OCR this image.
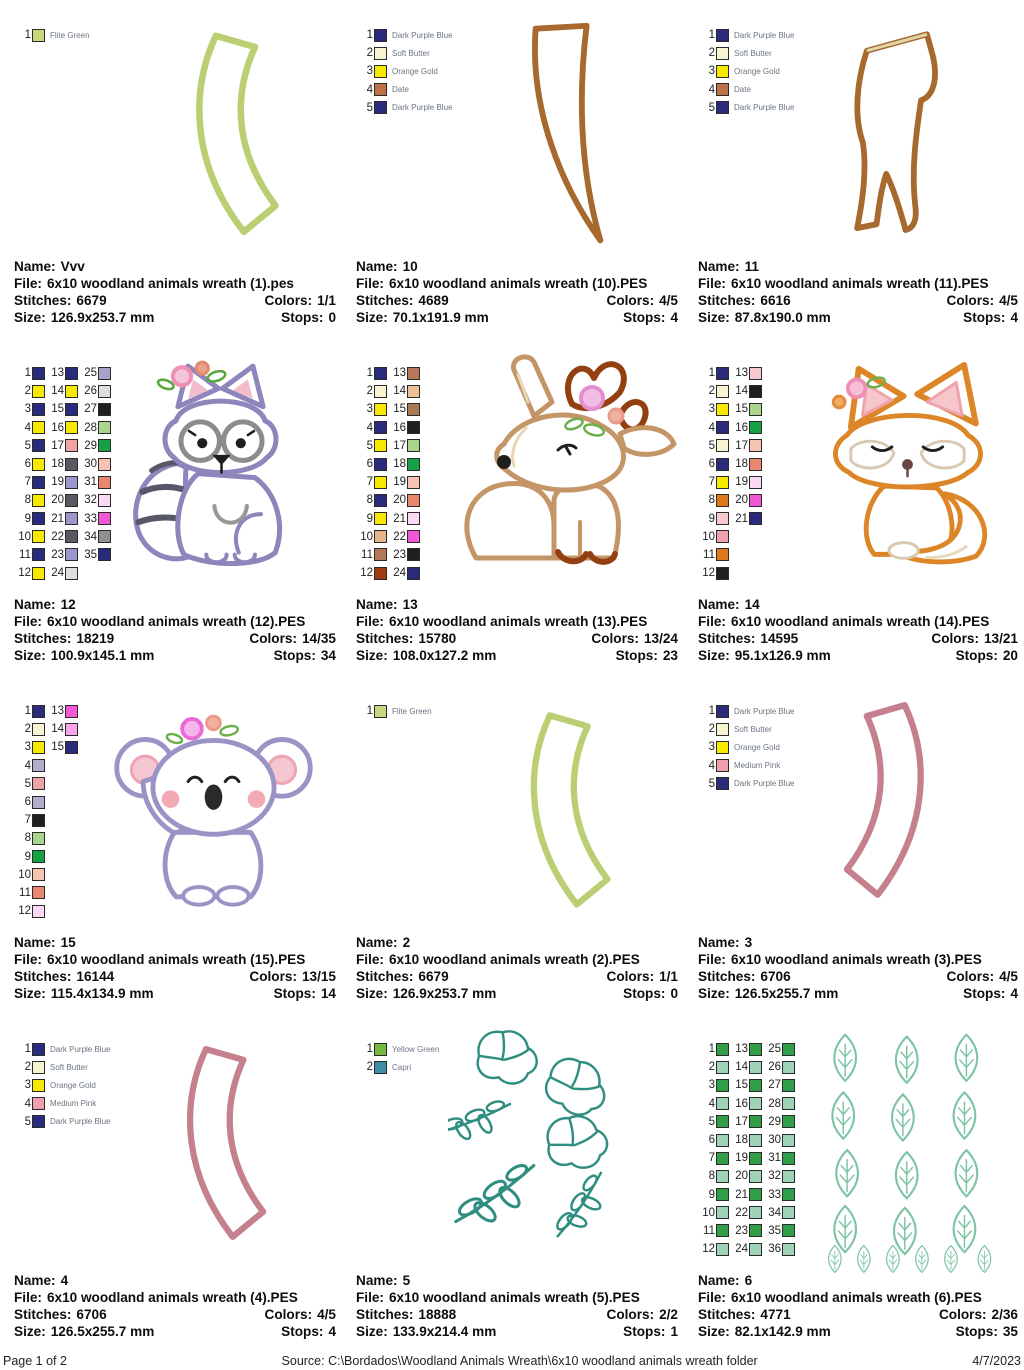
1 Flite Green
Name: Vvv
File: 6x10 woodland animals wreath (1).pes
Stitches: 6679	Colors: 1/1
Size: 126.9x253.7 mm	Stops: 0
1 Dark Purple Blue
2 Soft Butter
3 Orange Gold
4 Date
5 Dark Purple Blue
Name: 10
File: 6x10 woodland animals wreath (10).PES
Stitches: 4689	Colors: 4/5
Size: 70.1x191.9 mm	Stops: 4
1 Dark Purple Blue
2 Soft Butter
3 Orange Gold
4 Date
5 Dark Purple Blue
Name: 11
File: 6x10 woodland animals wreath (11).PES
Stitches: 6616	Colors: 4/5
Size: 87.8x190.0 mm	Stops: 4
1
2
3
4
5
6
7
8
9
10
11
12
13
14
15
16
17
18
19
20
21
22
23
24
25
26
27
28
29
30
31
32
33
34
35
Name: 12
File: 6x10 woodland animals wreath (12).PES
Stitches: 18219	Colors: 14/35
Size: 100.9x145.1 mm	Stops: 34
1
2
3
4
5
6
7
8
9
10
11
12
13
14
15
16
17
18
19
20
21
22
23
24
Name: 13
File: 6x10 woodland animals wreath (13).PES
Stitches: 15780	Colors: 13/24
Size: 108.0x127.2 mm	Stops: 23
1
2
3
4
5
6
7
8
9
10
11
12
13
14
15
16
17
18
19
20
21
Name: 14
File: 6x10 woodland animals wreath (14).PES
Stitches: 14595	Colors: 13/21
Size: 95.1x126.9 mm	Stops: 20
1
2
3
4
5
6
7
8
9
10
11
12
13
14
15
Name: 15
File: 6x10 woodland animals wreath (15).PES
Stitches: 16144	Colors: 13/15
Size: 115.4x134.9 mm	Stops: 14
1 Flite Green
Name: 2
File: 6x10 woodland animals wreath (2).PES
Stitches: 6679	Colors: 1/1
Size: 126.9x253.7 mm	Stops: 0
1 Dark Purple Blue
2 Soft Butter
3 Orange Gold
4 Medium Pink
5 Dark Purple Blue
Name: 3
File: 6x10 woodland animals wreath (3).PES
Stitches: 6706	Colors: 4/5
Size: 126.5x255.7 mm	Stops: 4
1 Dark Purple Blue
2 Soft Butter
3 Orange Gold
4 Medium Pink
5 Dark Purple Blue
Name: 4
File: 6x10 woodland animals wreath (4).PES
Stitches: 6706	Colors: 4/5
Size: 126.5x255.7 mm	Stops: 4
1 Yellow Green
2 Capri
Name: 5
File: 6x10 woodland animals wreath (5).PES
Stitches: 18888	Colors: 2/2
Size: 133.9x214.4 mm	Stops: 1
1
2
3
4
5
6
7
8
9
10
11
12
13
14
15
16
17
18
19
20
21
22
23
24
25
26
27
28
29
30
31
32
33
34
35
36
Name: 6
File: 6x10 woodland animals wreath (6).PES
Stitches: 4771	Colors: 2/36
Size: 82.1x142.9 mm	Stops: 35
Page 1 of 2	Source: C:\Bordados\Woodland Animals Wreath\6x10 woodland animals wreath folder	4/7/2023
